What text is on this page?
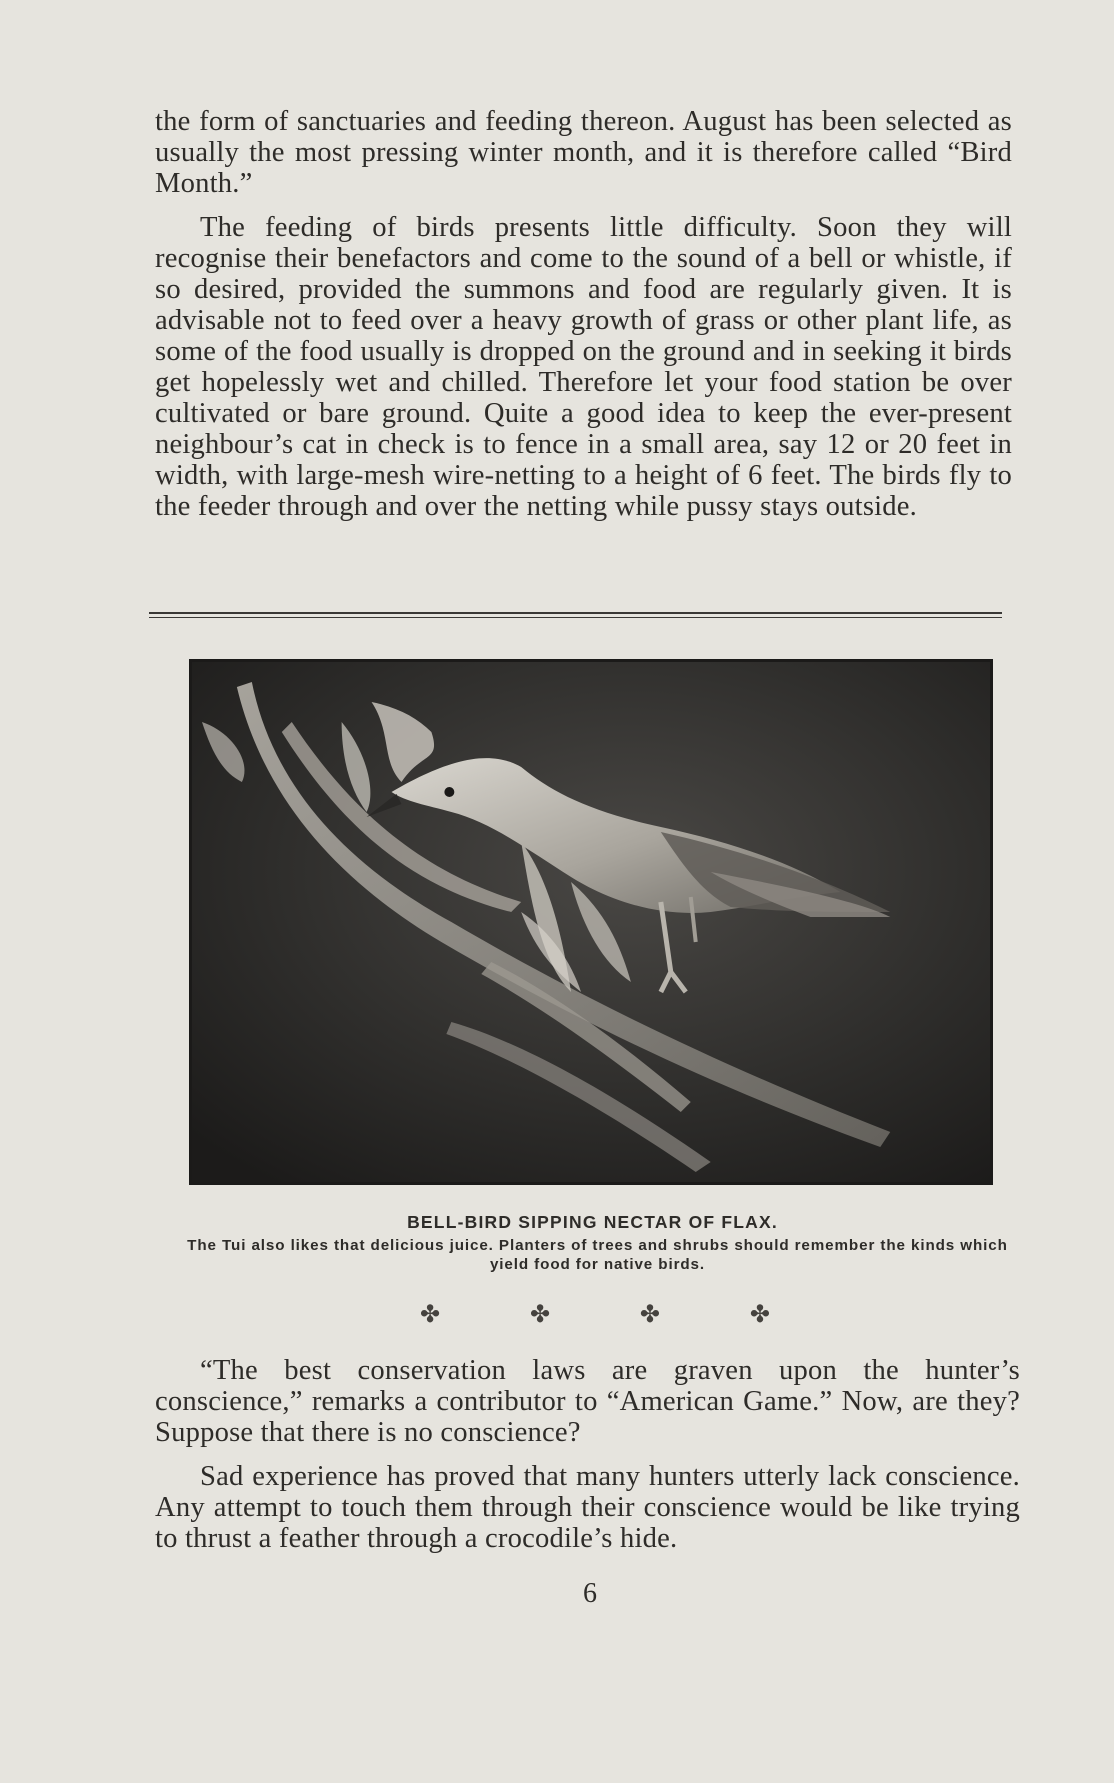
the form of sanctuaries and feeding thereon. August has been selected as usually the most pressing winter month, and it is therefore called “Bird Month.”

The feeding of birds presents little difficulty. Soon they will recognise their benefactors and come to the sound of a bell or whistle, if so desired, provided the summons and food are regularly given. It is advisable not to feed over a heavy growth of grass or other plant life, as some of the food usually is dropped on the ground and in seeking it birds get hopelessly wet and chilled. Therefore let your food station be over cultivated or bare ground. Quite a good idea to keep the ever-present neighbour’s cat in check is to fence in a small area, say 12 or 20 feet in width, with large-mesh wire-netting to a height of 6 feet. The birds fly to the feeder through and over the netting while pussy stays outside.

BELL-BIRD SIPPING NECTAR OF FLAX.
The Tui also likes that delicious juice. Planters of trees and shrubs should remember the kinds which yield food for native birds.
✤	✤	✤	✤

“The best conservation laws are graven upon the hunter’s conscience,” remarks a contributor to “American Game.” Now, are they? Suppose that there is no conscience?

Sad experience has proved that many hunters utterly lack conscience. Any attempt to touch them through their conscience would be like trying to thrust a feather through a crocodile’s hide.

6
